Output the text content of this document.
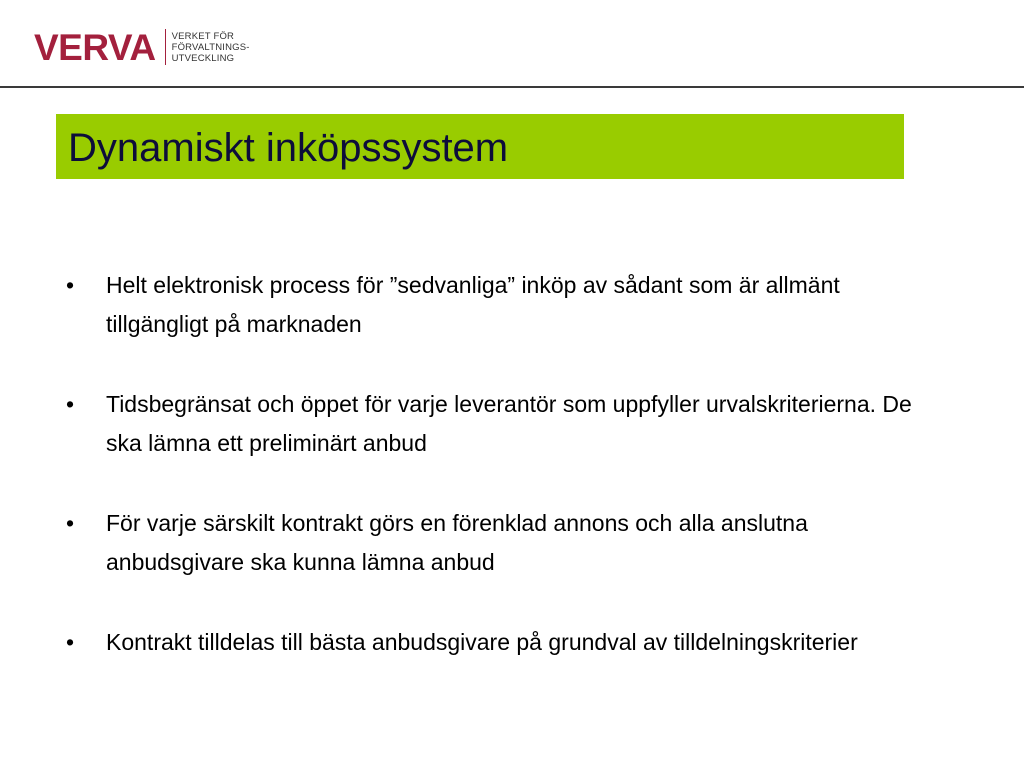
VERVA VERKET FÖR
FÖRVALTNINGS-
UTVECKLING
Dynamiskt inköpssystem
•	Helt elektronisk process för ”sedvanliga” inköp av sådant som är allmänt tillgängligt på marknaden
•	Tidsbegränsat och öppet för varje leverantör som uppfyller urvalskriterierna. De ska lämna ett preliminärt anbud
•	För varje särskilt kontrakt görs en förenklad annons och alla anslutna anbudsgivare ska kunna lämna anbud
•	Kontrakt tilldelas till bästa anbudsgivare på grundval av tilldelningskriterier
